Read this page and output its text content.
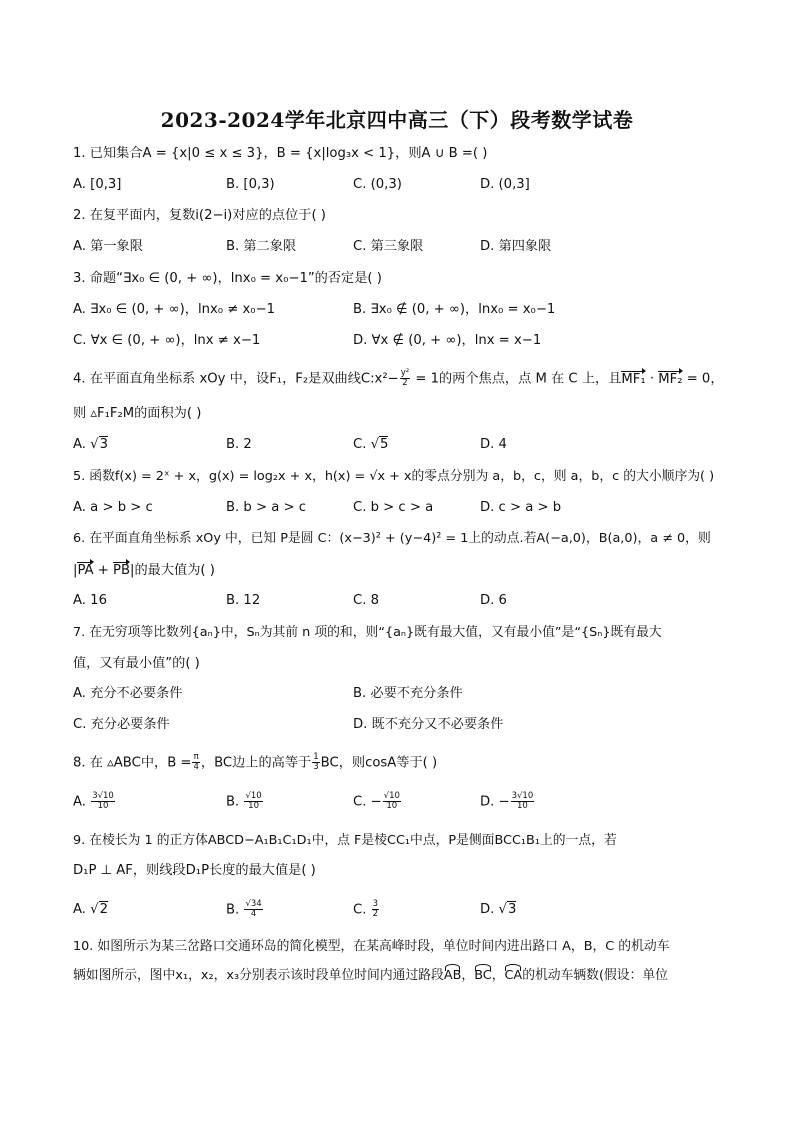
2023-2024学年北京四中高三（下）段考数学试卷
1. 已知集合A = {x|0 ≤ x ≤ 3}，B = {x|log₃x < 1}，则A ∪ B =( )
A. [0,3]	B. [0,3)	C. (0,3)	D. (0,3]
2. 在复平面内，复数i(2−i)对应的点位于( )
A. 第一象限	B. 第二象限	C. 第三象限	D. 第四象限
3. 命题“∃x₀ ∈ (0, + ∞)，lnx₀ = x₀−1”的否定是( )
A. ∃x₀ ∈ (0, + ∞)，lnx₀ ≠ x₀−1	B. ∃x₀ ∉ (0, + ∞)，lnx₀ = x₀−1
C. ∀x ∈ (0, + ∞)，lnx ≠ x−1	D. ∀x ∉ (0, + ∞)，lnx = x−1
4. 在平面直角坐标系 xOy 中，设F₁，F₂是双曲线C:x²− $\frac{\text{y²}}{2} = 1$的两个焦点，点 M 在 C 上，且MF₁ · MF₂ = 0，
则 ▵F₁F₂M的面积为( )
A. √3	B. 2	C. √5	D. 4
5. 函数f(x) = 2ˣ + x，g(x) = log₂x + x，h(x) = √x + x的零点分别为 a，b，c，则 a，b，c 的大小顺序为( )
A. a > b > c	B. b > a > c	C. b > c > a	D. c > a > b
6. 在平面直角坐标系 xOy 中，已知 P是圆 C：(x−3)² + (y−4)² = 1上的动点.若A(−a,0)，B(a,0)，a ≠ 0，则
|PA + PB|的最大值为( )
A. 16	B. 12	C. 8	D. 6
7. 在无穷项等比数列{aₙ}中，Sₙ为其前 n 项的和，则“{aₙ}既有最大值，又有最小值”是“{Sₙ}既有最大
值，又有最小值”的( )
A. 充分不必要条件	B. 必要不充分条件
C. 充分必要条件	D. 既不充分又不必要条件
8. 在 ▵ABC中，$B = \frac{\pi}{4}$ ，BC边上的高等于 $\frac{1}{3}$ BC，则cosA等于( )
A. $\frac{3√10}{10}$	B. $\frac{√10}{10}$	C. − $\frac{√10}{10}$	D. − $\frac{3√10}{10}$
9. 在棱长为 1 的正方体ABCD−A₁B₁C₁D₁中，点 F是棱CC₁中点，P是侧面BCC₁B₁上的一点，若
D₁P ⊥ AF，则线段D₁P长度的最大值是( )
A. √2	B. $\frac{√34}{4}$	C. $\frac{3}{2}$	D. √3
10. 如图所示为某三岔路口交通环岛的简化模型，在某高峰时段，单位时间内进出路口 A，B，C 的机动车
辆如图所示，图中x₁，x₂，x₃分别表示该时段单位时间内通过路段AB，BC，CA的机动车辆数(假设：单位
